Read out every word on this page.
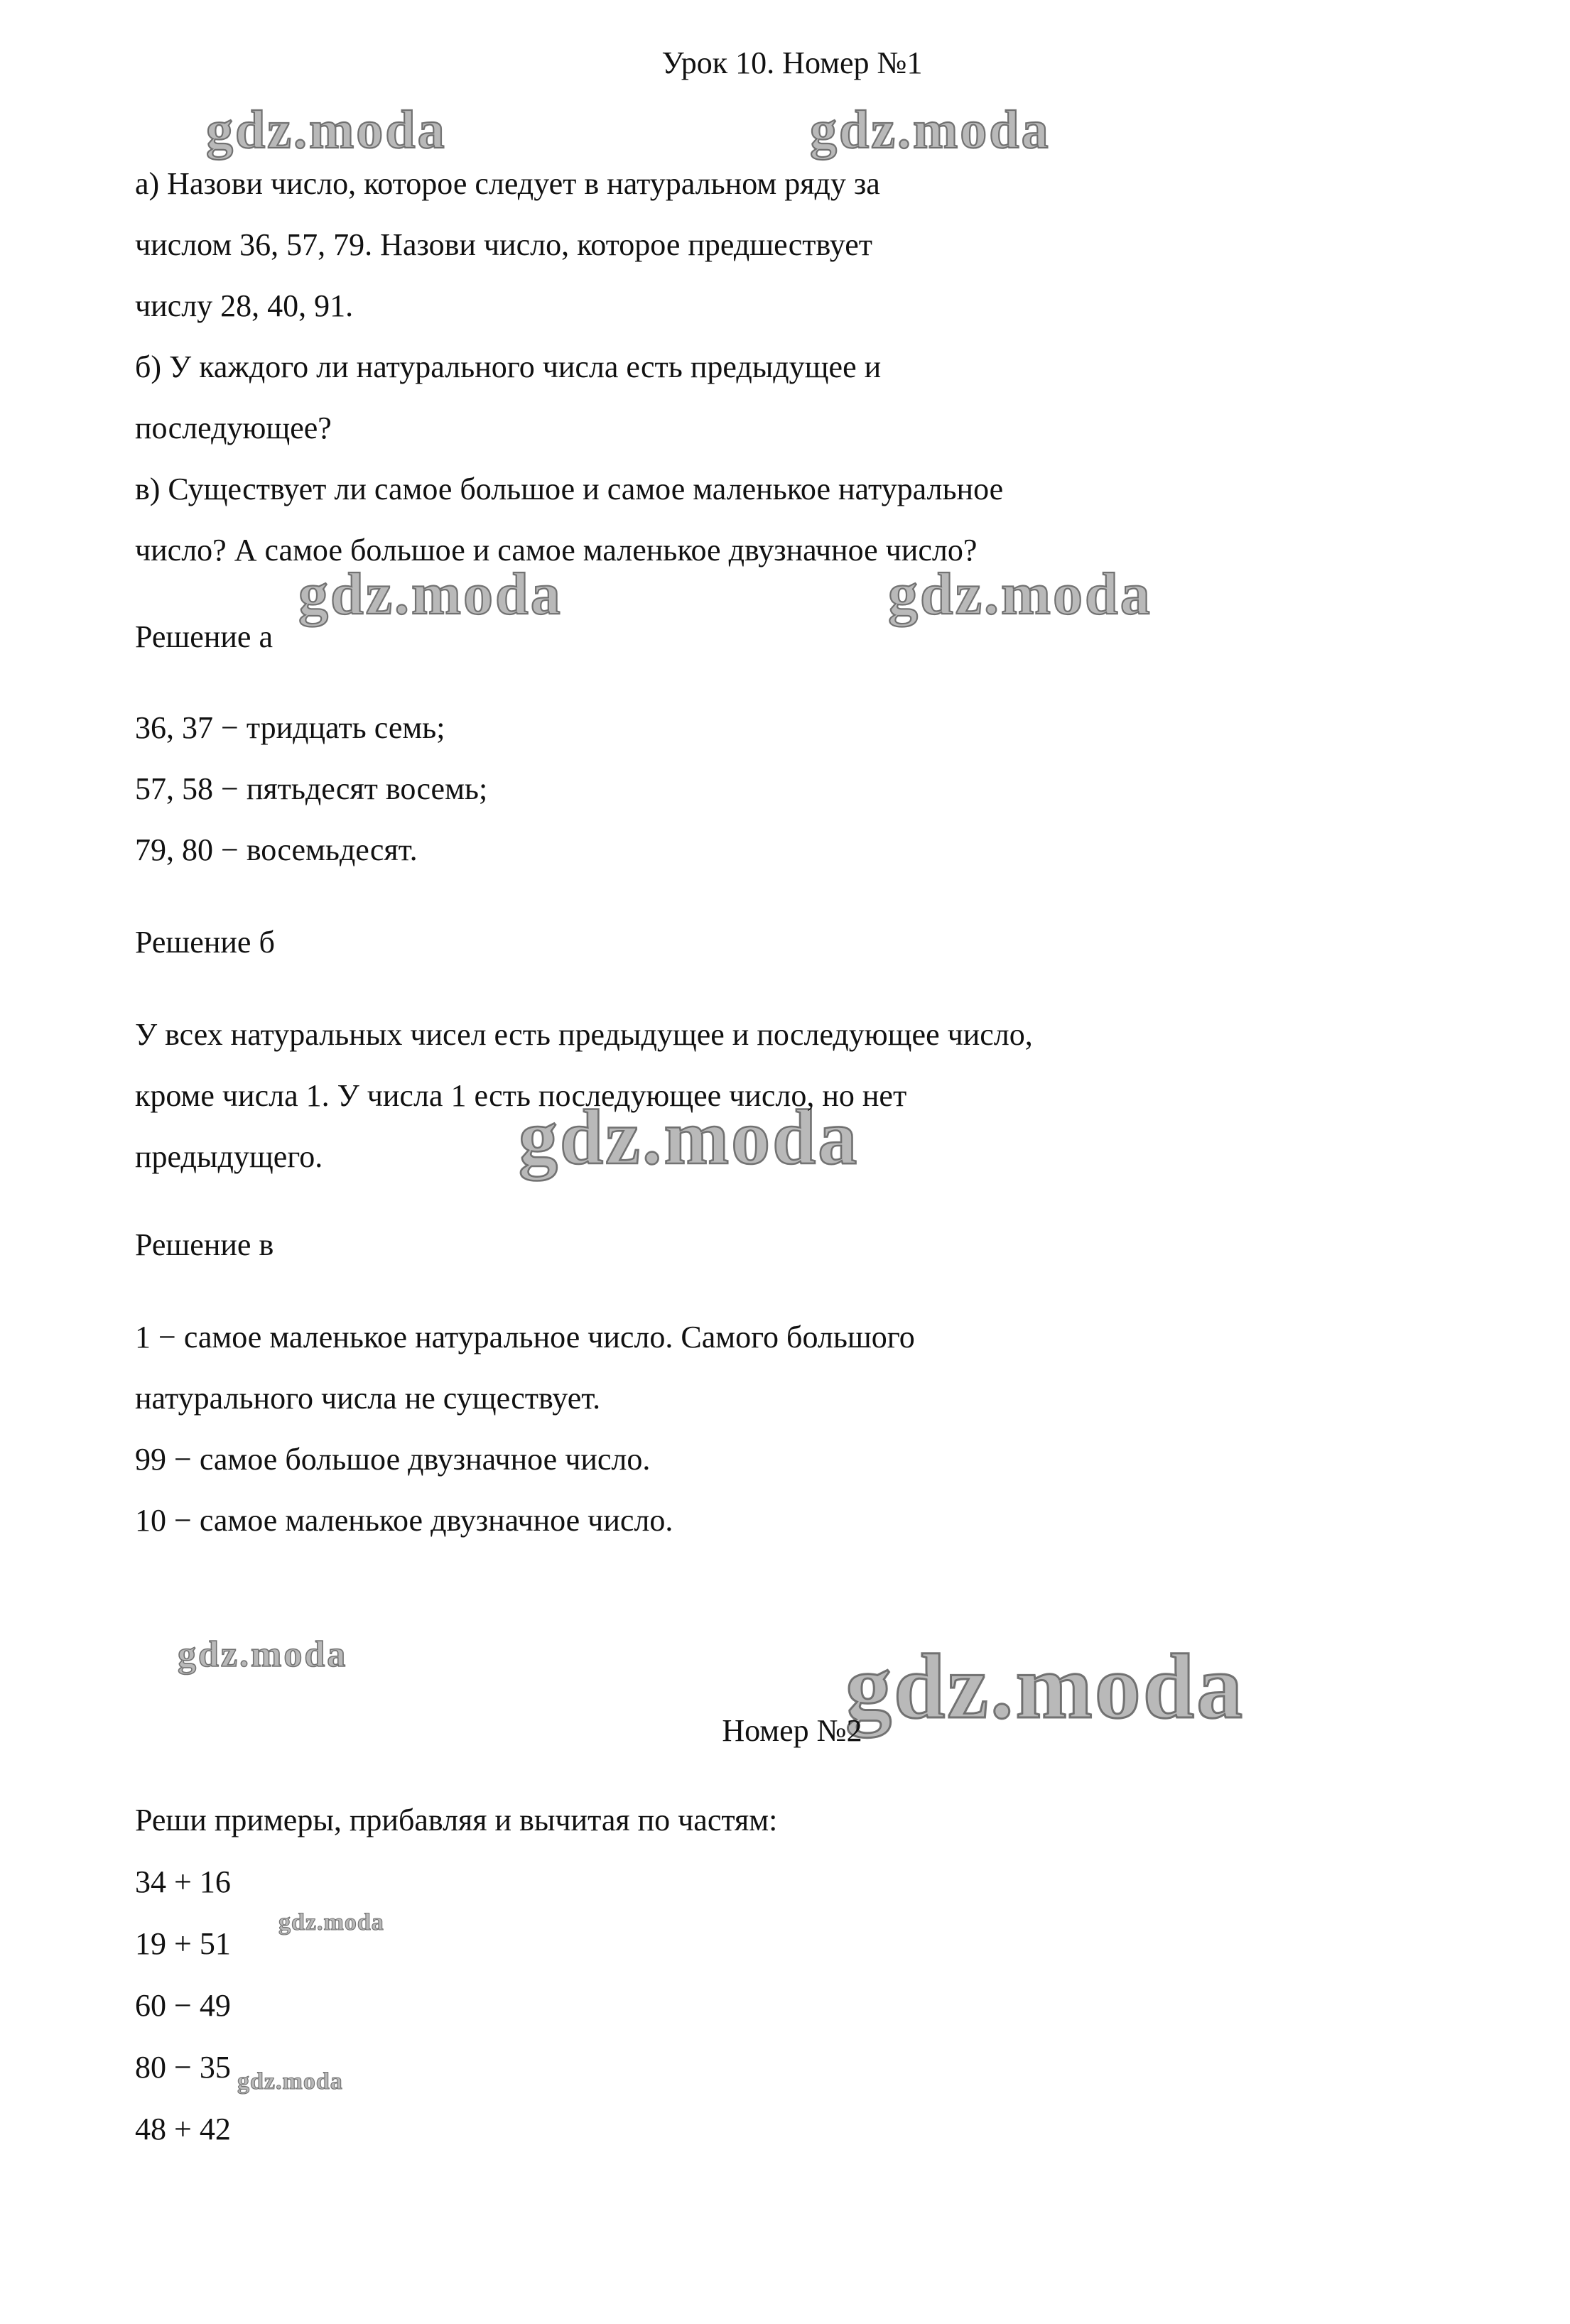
gdz.moda	gdz.moda
gdz.moda	gdz.moda
gdz.moda
gdz.moda	gdz.moda
gdz.moda
gdz.moda
Урок 10. Номер №1
а) Назови число, которое следует в натуральном ряду за
числом 36, 57, 79. Назови число, которое предшествует
числу 28, 40, 91.
б) У каждого ли натурального числа есть предыдущее и
последующее?
в) Существует ли самое большое и самое маленькое натуральное
число? А самое большое и самое маленькое двузначное число?
Решение а
36, 37 − тридцать семь;
57, 58 − пятьдесят восемь;
79, 80 − восемьдесят.
Решение б
У всех натуральных чисел есть предыдущее и последующее число,
кроме числа 1. У числа 1 есть последующее число, но нет
предыдущего.
Решение в
1 − самое маленькое натуральное число. Самого большого
натурального числа не существует.
99 − самое большое двузначное число.
10 − самое маленькое двузначное число.
Номер №2
Реши примеры, прибавляя и вычитая по частям:
34 + 16
19 + 51
60 − 49
80 − 35
48 + 42
